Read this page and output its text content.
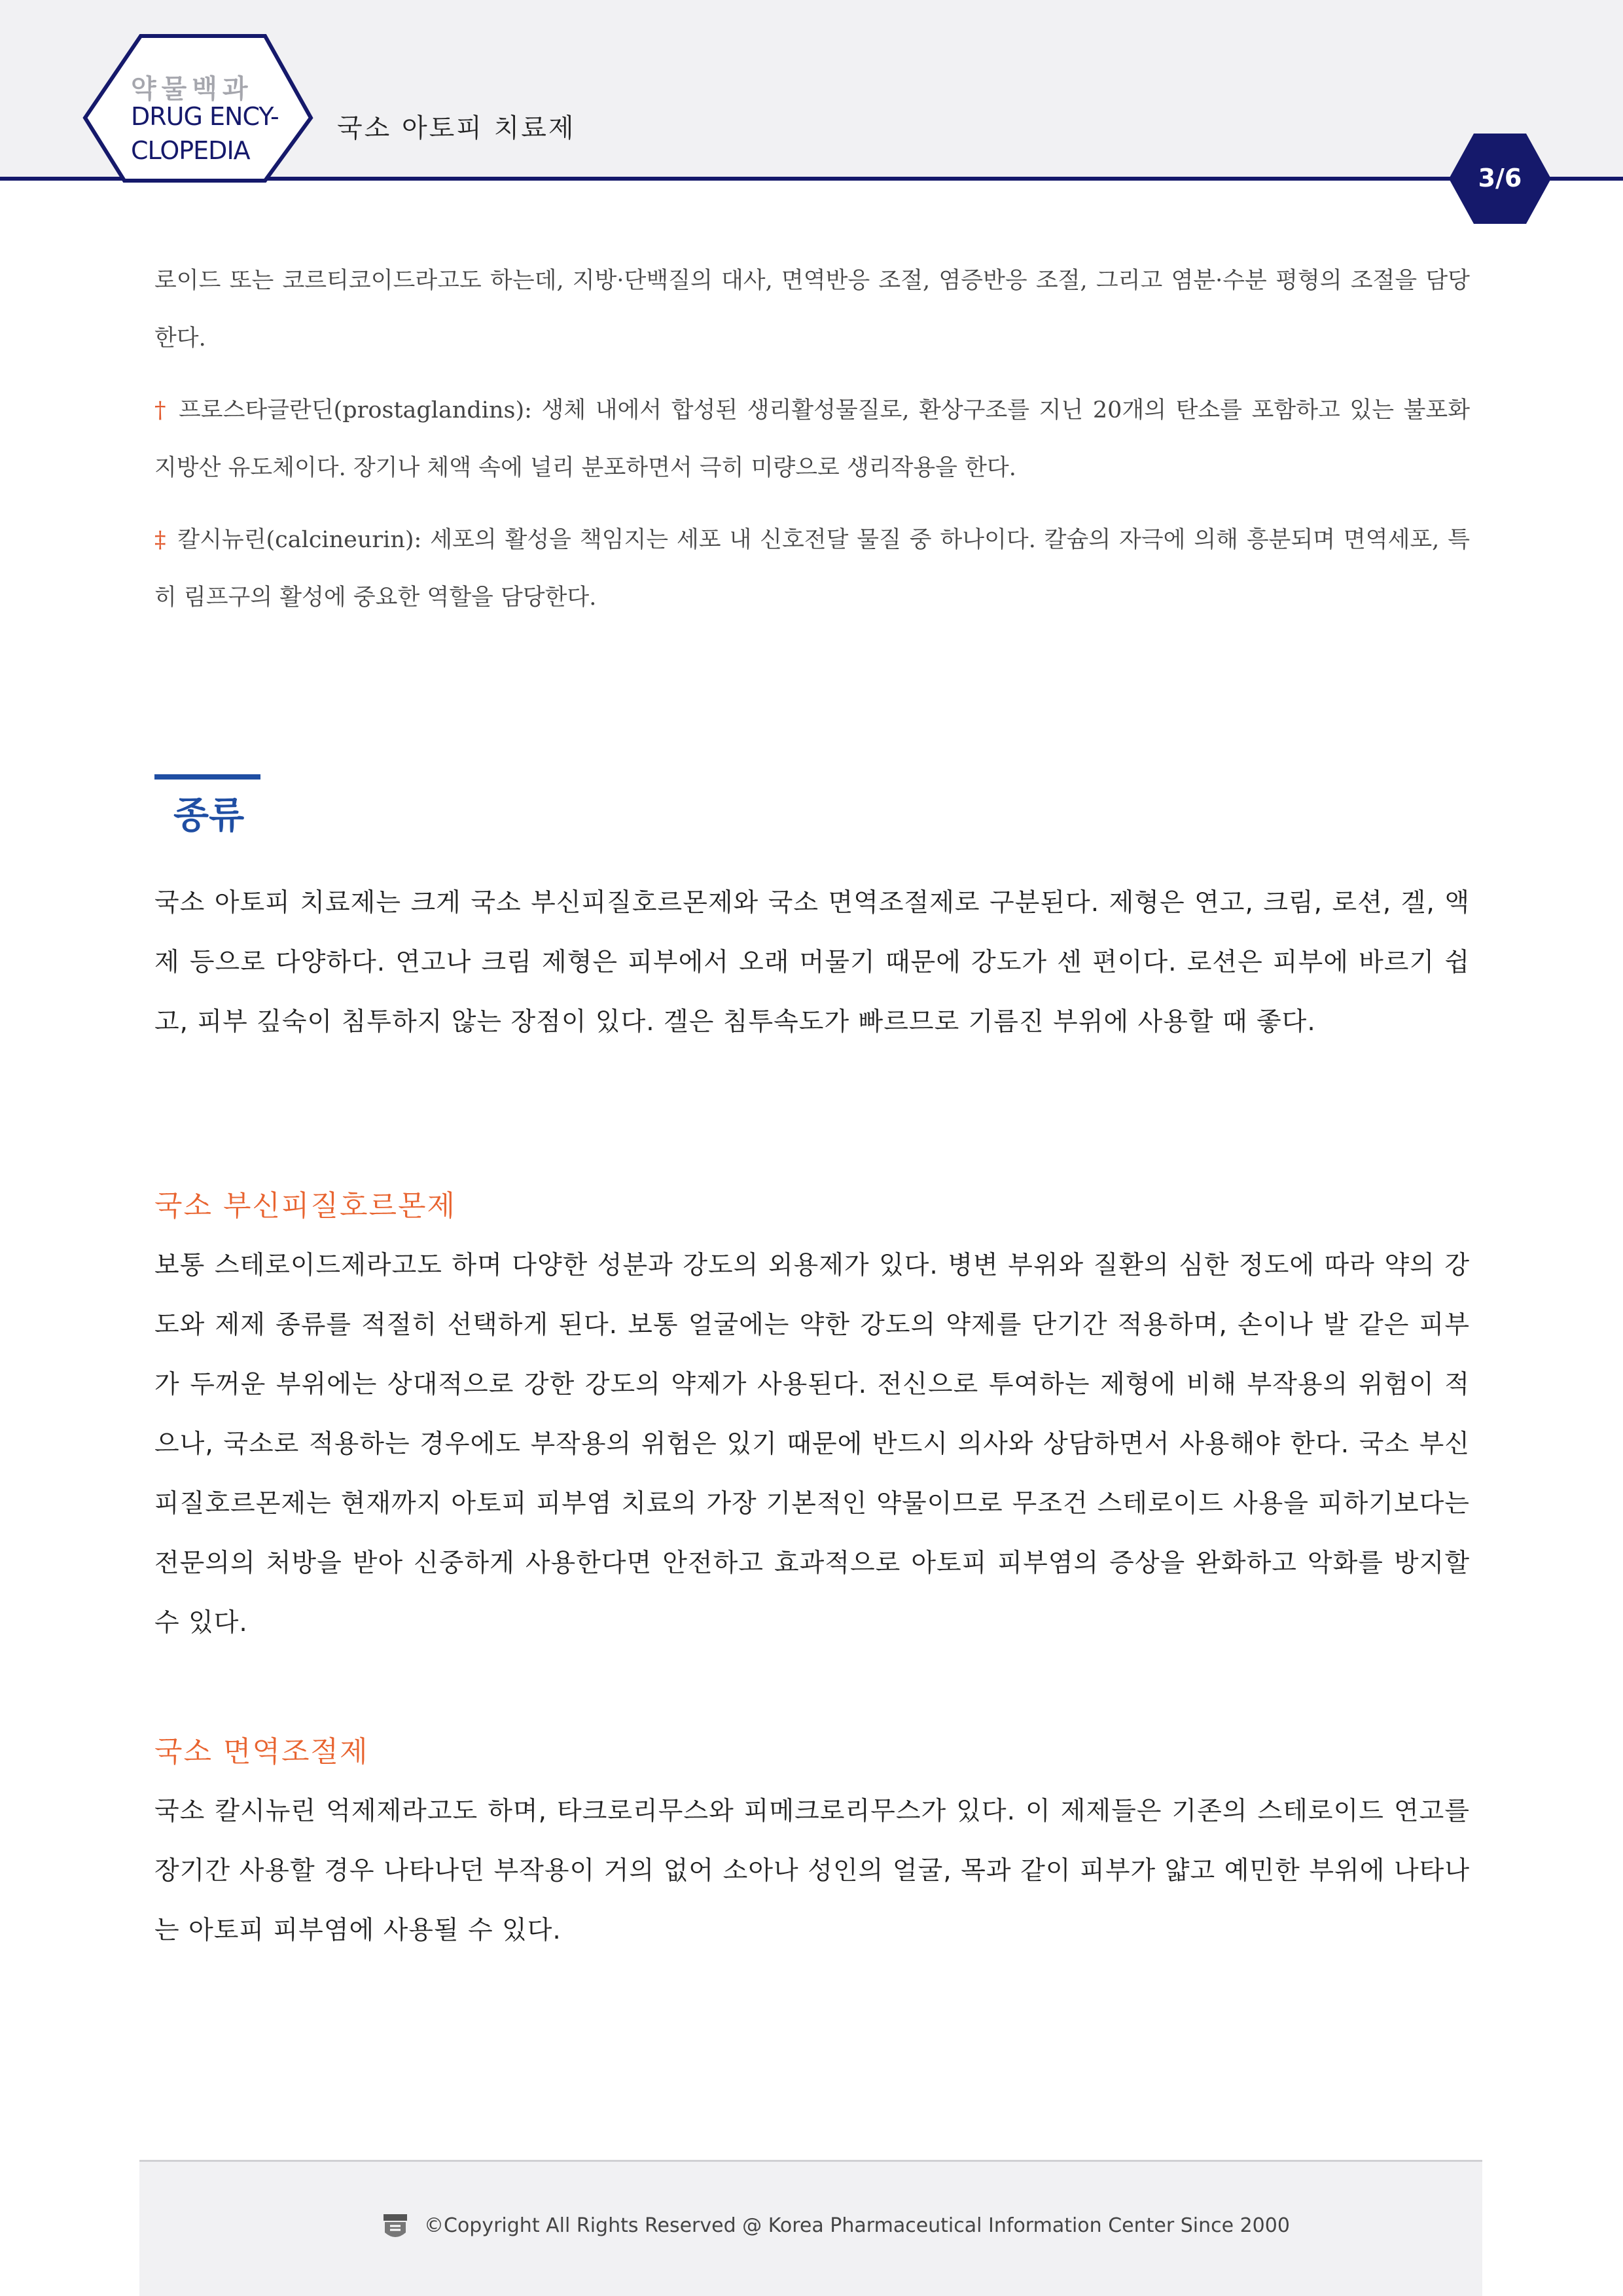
약물백과
DRUG ENCY-
CLOPEDIA
국소 아토피 치료제
3/6
로이드 또는 코르티코이드라고도 하는데, 지방·단백질의 대사, 면역반응 조절, 염증반응 조절, 그리고 염분·수분 평형의 조절을 담당한다.
† 프로스타글란딘(prostaglandins): 생체 내에서 합성된 생리활성물질로, 환상구조를 지닌 20개의 탄소를 포함하고 있는 불포화 지방산 유도체이다. 장기나 체액 속에 널리 분포하면서 극히 미량으로 생리작용을 한다.
‡ 칼시뉴린(calcineurin): 세포의 활성을 책임지는 세포 내 신호전달 물질 중 하나이다. 칼슘의 자극에 의해 흥분되며 면역세포, 특히 림프구의 활성에 중요한 역할을 담당한다.
종류
국소 아토피 치료제는 크게 국소 부신피질호르몬제와 국소 면역조절제로 구분된다. 제형은 연고, 크림, 로션, 겔, 액제 등으로 다양하다. 연고나 크림 제형은 피부에서 오래 머물기 때문에 강도가 센 편이다. 로션은 피부에 바르기 쉽고, 피부 깊숙이 침투하지 않는 장점이 있다. 겔은 침투속도가 빠르므로 기름진 부위에 사용할 때 좋다.
국소 부신피질호르몬제
보통 스테로이드제라고도 하며 다양한 성분과 강도의 외용제가 있다. 병변 부위와 질환의 심한 정도에 따라 약의 강도와 제제 종류를 적절히 선택하게 된다. 보통 얼굴에는 약한 강도의 약제를 단기간 적용하며, 손이나 발 같은 피부가 두꺼운 부위에는 상대적으로 강한 강도의 약제가 사용된다. 전신으로 투여하는 제형에 비해 부작용의 위험이 적으나, 국소로 적용하는 경우에도 부작용의 위험은 있기 때문에 반드시 의사와 상담하면서 사용해야 한다. 국소 부신피질호르몬제는 현재까지 아토피 피부염 치료의 가장 기본적인 약물이므로 무조건 스테로이드 사용을 피하기보다는 전문의의 처방을 받아 신중하게 사용한다면 안전하고 효과적으로 아토피 피부염의 증상을 완화하고 악화를 방지할 수 있다.
국소 면역조절제
국소 칼시뉴린 억제제라고도 하며, 타크로리무스와 피메크로리무스가 있다. 이 제제들은 기존의 스테로이드 연고를 장기간 사용할 경우 나타나던 부작용이 거의 없어 소아나 성인의 얼굴, 목과 같이 피부가 얇고 예민한 부위에 나타나는 아토피 피부염에 사용될 수 있다.
©Copyright All Rights Reserved @ Korea Pharmaceutical Information Center Since 2000
